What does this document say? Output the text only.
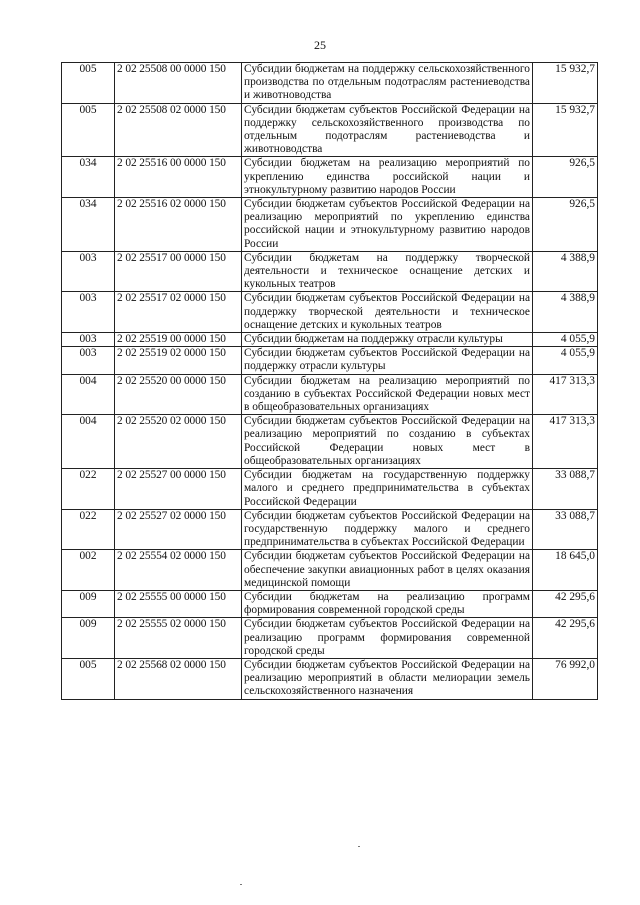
25
005	2 02 25508 00 0000 150	Субсидии бюджетам на поддержку сельскохозяйственного производства по отдельным подотраслям растениеводства и животноводства	15 932,7
005	2 02 25508 02 0000 150	Субсидии бюджетам субъектов Российской Федерации на поддержку сельскохозяйственного производства по отдельным подотраслям растениеводства и животноводства	15 932,7
034	2 02 25516 00 0000 150	Субсидии бюджетам на реализацию мероприятий по укреплению единства российской нации и этнокультурному развитию народов России	926,5
034	2 02 25516 02 0000 150	Субсидии бюджетам субъектов Российской Федерации на реализацию мероприятий по укреплению единства российской нации и этнокультурному развитию народов России	926,5
003	2 02 25517 00 0000 150	Субсидии бюджетам на поддержку творческой деятельности и техническое оснащение детских и кукольных театров	4 388,9
003	2 02 25517 02 0000 150	Субсидии бюджетам субъектов Российской Федерации на поддержку творческой деятельности и техническое оснащение детских и кукольных театров	4 388,9
003	2 02 25519 00 0000 150	Субсидии бюджетам на поддержку отрасли культуры	4 055,9
003	2 02 25519 02 0000 150	Субсидии бюджетам субъектов Российской Федерации на поддержку отрасли культуры	4 055,9
004	2 02 25520 00 0000 150	Субсидии бюджетам на реализацию мероприятий по созданию в субъектах Российской Федерации новых мест в общеобразовательных организациях	417 313,3
004	2 02 25520 02 0000 150	Субсидии бюджетам субъектов Российской Федерации на реализацию мероприятий по созданию в субъектах Российской Федерации новых мест в общеобразовательных организациях	417 313,3
022	2 02 25527 00 0000 150	Субсидии бюджетам на государственную поддержку малого и среднего предпринимательства в субъектах Российской Федерации	33 088,7
022	2 02 25527 02 0000 150	Субсидии бюджетам субъектов Российской Федерации на государственную поддержку малого и среднего предпринимательства в субъектах Российской Федерации	33 088,7
002	2 02 25554 02 0000 150	Субсидии бюджетам субъектов Российской Федерации на обеспечение закупки авиационных работ в целях оказания медицинской помощи	18 645,0
009	2 02 25555 00 0000 150	Субсидии бюджетам на реализацию программ формирования современной городской среды	42 295,6
009	2 02 25555 02 0000 150	Субсидии бюджетам субъектов Российской Федерации на реализацию программ формирования современной городской среды	42 295,6
005	2 02 25568 02 0000 150	Субсидии бюджетам субъектов Российской Федерации на реализацию мероприятий в области мелиорации земель сельскохозяйственного назначения	76 992,0
